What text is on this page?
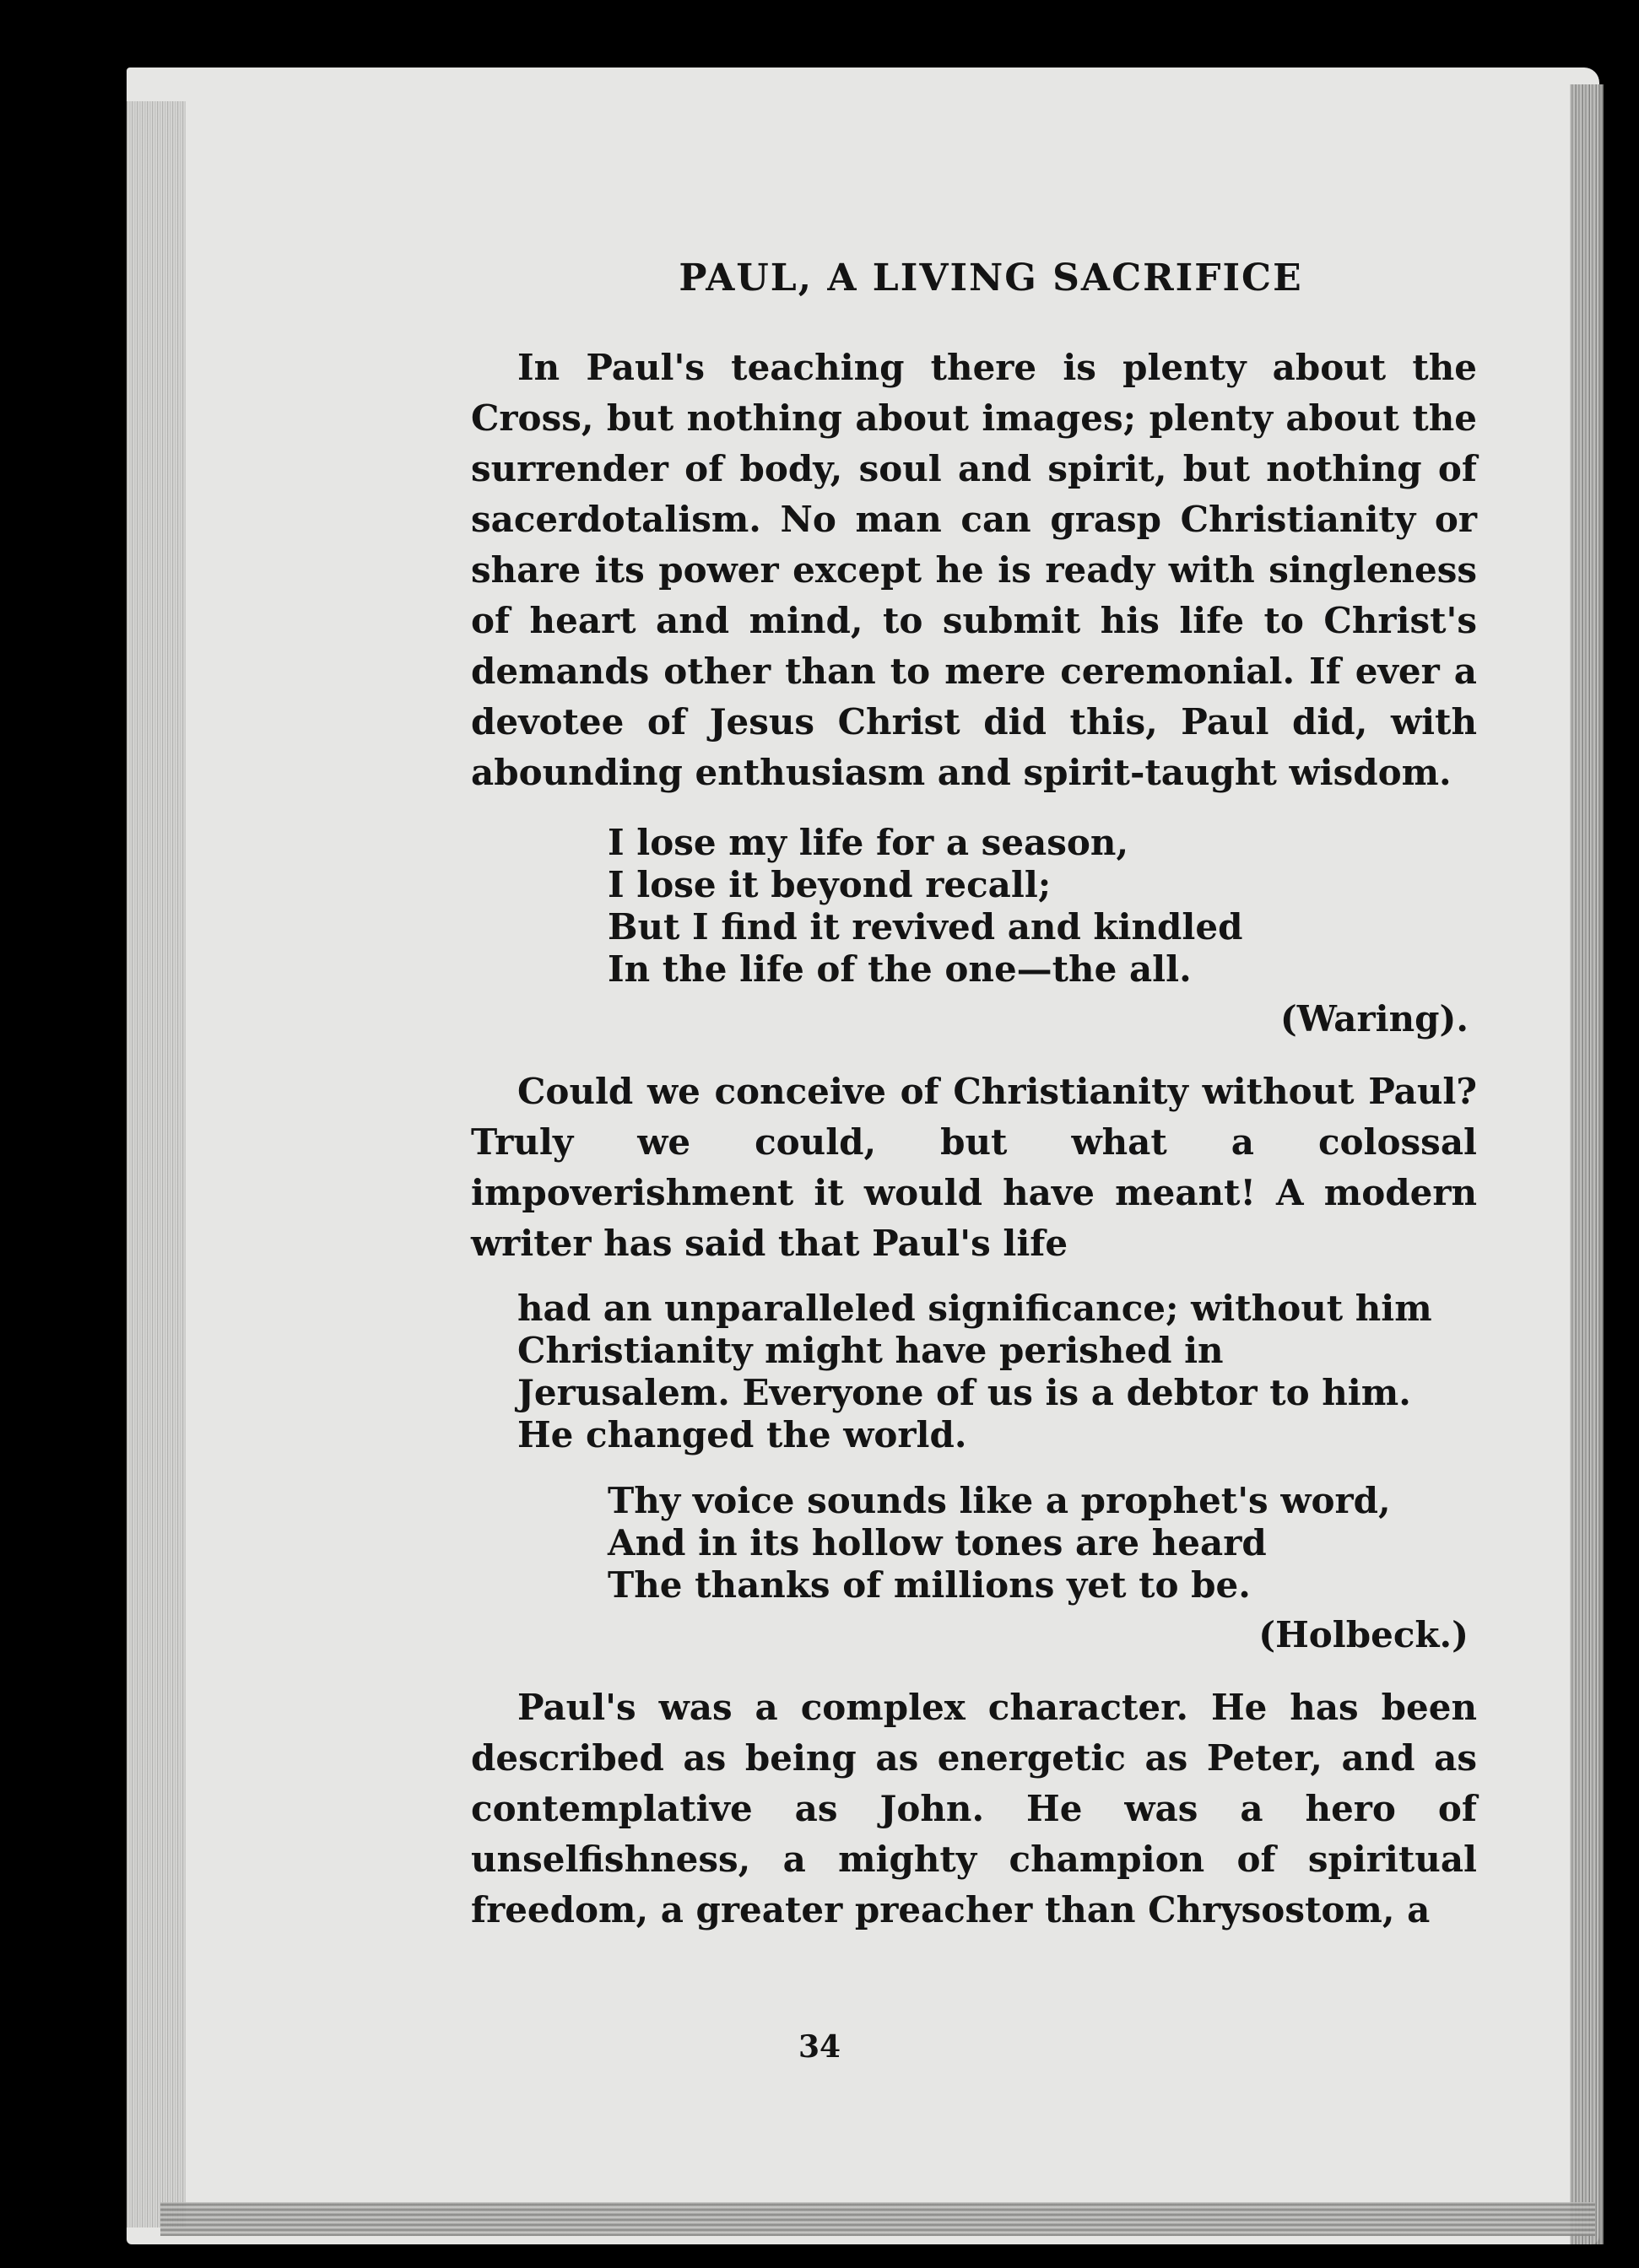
PAUL, A LIVING SACRIFICE

In Paul's teaching there is plenty about the Cross, but nothing about images; plenty about the surrender of body, soul and spirit, but nothing of sacerdotalism. No man can grasp Christianity or share its power except he is ready with singleness of heart and mind, to submit his life to Christ's demands other than to mere ceremonial. If ever a devotee of Jesus Christ did this, Paul did, with abounding enthusiasm and spirit-taught wisdom.

I lose my life for a season,
I lose it beyond recall;
But I find it revived and kindled
In the life of the one—the all.
(Waring).

Could we conceive of Christianity without Paul? Truly we could, but what a colossal impoverishment it would have meant! A modern writer has said that Paul's life

had an unparalleled significance; without him Christianity might have perished in Jerusalem. Everyone of us is a debtor to him. He changed the world.
Thy voice sounds like a prophet's word,
And in its hollow tones are heard
The thanks of millions yet to be.
(Holbeck.)

Paul's was a complex character. He has been described as being as energetic as Peter, and as contemplative as John. He was a hero of unselfishness, a mighty champion of spiritual freedom, a greater preacher than Chrysostom, a

34
